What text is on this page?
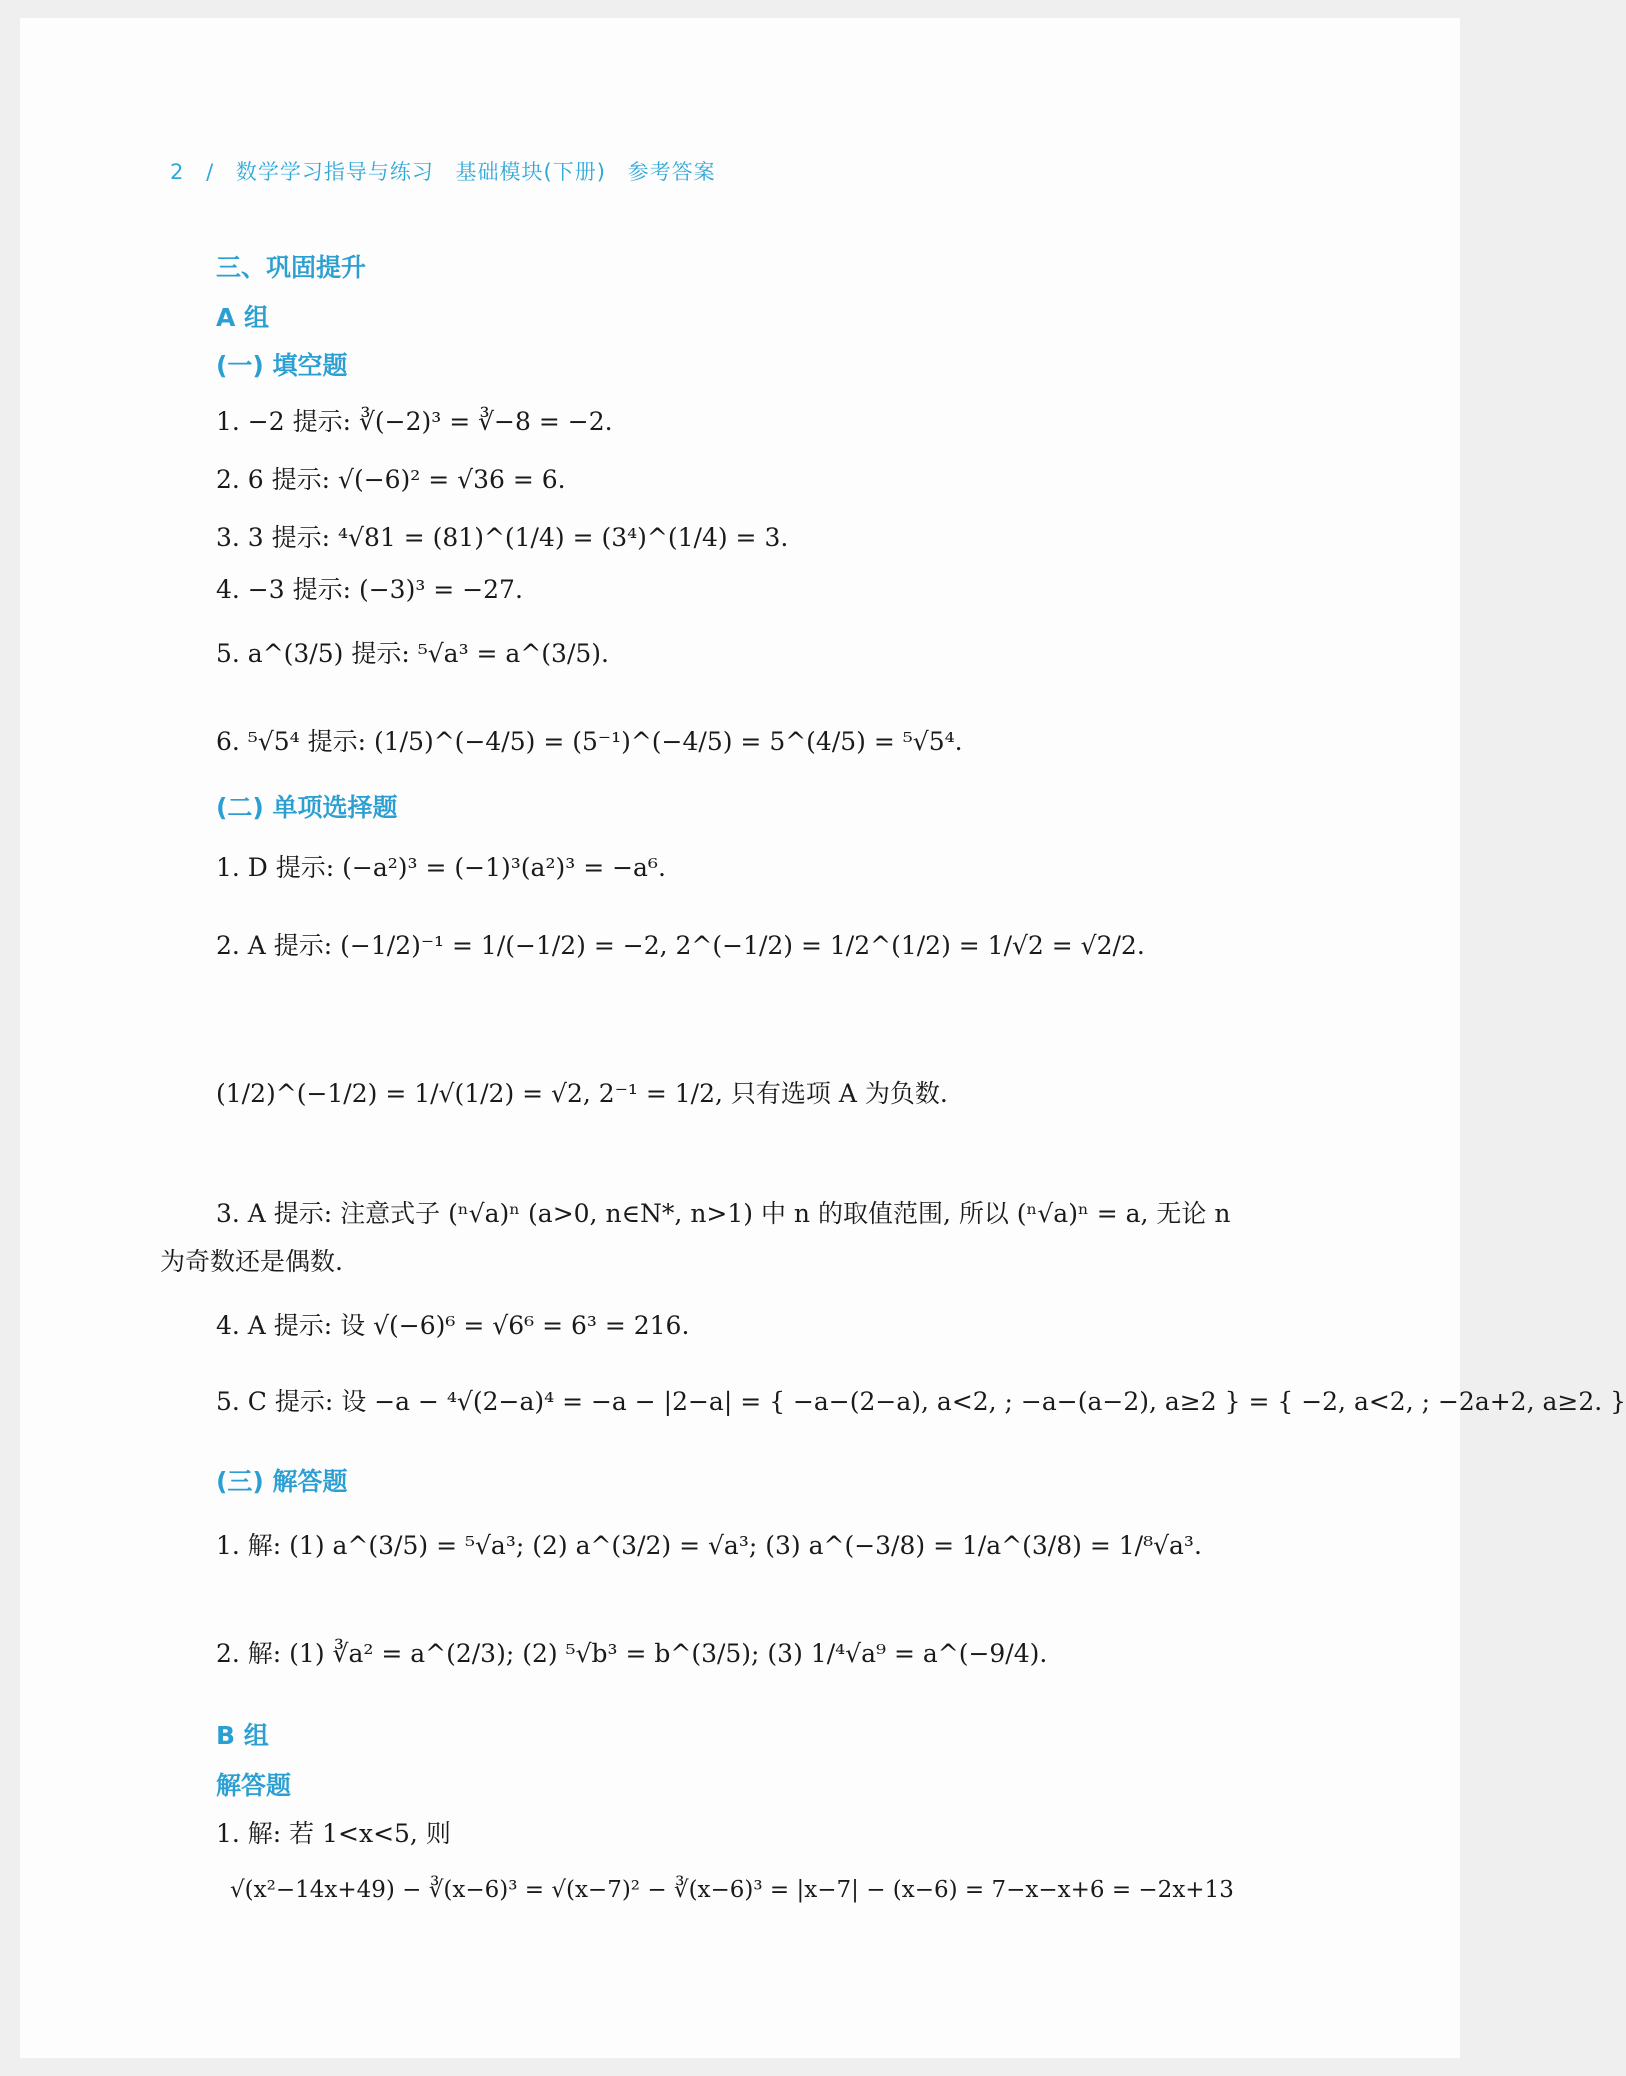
2 / 数学学习指导与练习 基础模块(下册) 参考答案
三、巩固提升
A 组
(一) 填空题
1. −2 提示: ∛(−2)³ = ∛−8 = −2.
2. 6 提示: √(−6)² = √36 = 6.
3. 3 提示: ⁴√81 = (81)^(1/4) = (3⁴)^(1/4) = 3.
4. −3 提示: (−3)³ = −27.
5. a^(3/5) 提示: ⁵√a³ = a^(3/5).
6. ⁵√5⁴ 提示: (1/5)^(−4/5) = (5⁻¹)^(−4/5) = 5^(4/5) = ⁵√5⁴.
(二) 单项选择题
1. D 提示: (−a²)³ = (−1)³(a²)³ = −a⁶.
2. A 提示: (−1/2)⁻¹ = 1/(−1/2) = −2, 2^(−1/2) = 1/2^(1/2) = 1/√2 = √2/2.
(1/2)^(−1/2) = 1/√(1/2) = √2, 2⁻¹ = 1/2, 只有选项 A 为负数.
3. A 提示: 注意式子 (ⁿ√a)ⁿ (a>0, n∈N*, n>1) 中 n 的取值范围, 所以 (ⁿ√a)ⁿ = a, 无论 n
为奇数还是偶数.
4. A 提示: 设 √(−6)⁶ = √6⁶ = 6³ = 216.
5. C 提示: 设 −a − ⁴√(2−a)⁴ = −a − |2−a| = { −a−(2−a), a<2, ; −a−(a−2), a≥2 } = { −2, a<2, ; −2a+2, a≥2. }
(三) 解答题
1. 解: (1) a^(3/5) = ⁵√a³; (2) a^(3/2) = √a³; (3) a^(−3/8) = 1/a^(3/8) = 1/⁸√a³.
2. 解: (1) ∛a² = a^(2/3); (2) ⁵√b³ = b^(3/5); (3) 1/⁴√a⁹ = a^(−9/4).
B 组
解答题
1. 解: 若 1<x<5, 则
√(x²−14x+49) − ∛(x−6)³ = √(x−7)² − ∛(x−6)³ = |x−7| − (x−6) = 7−x−x+6 = −2x+13
